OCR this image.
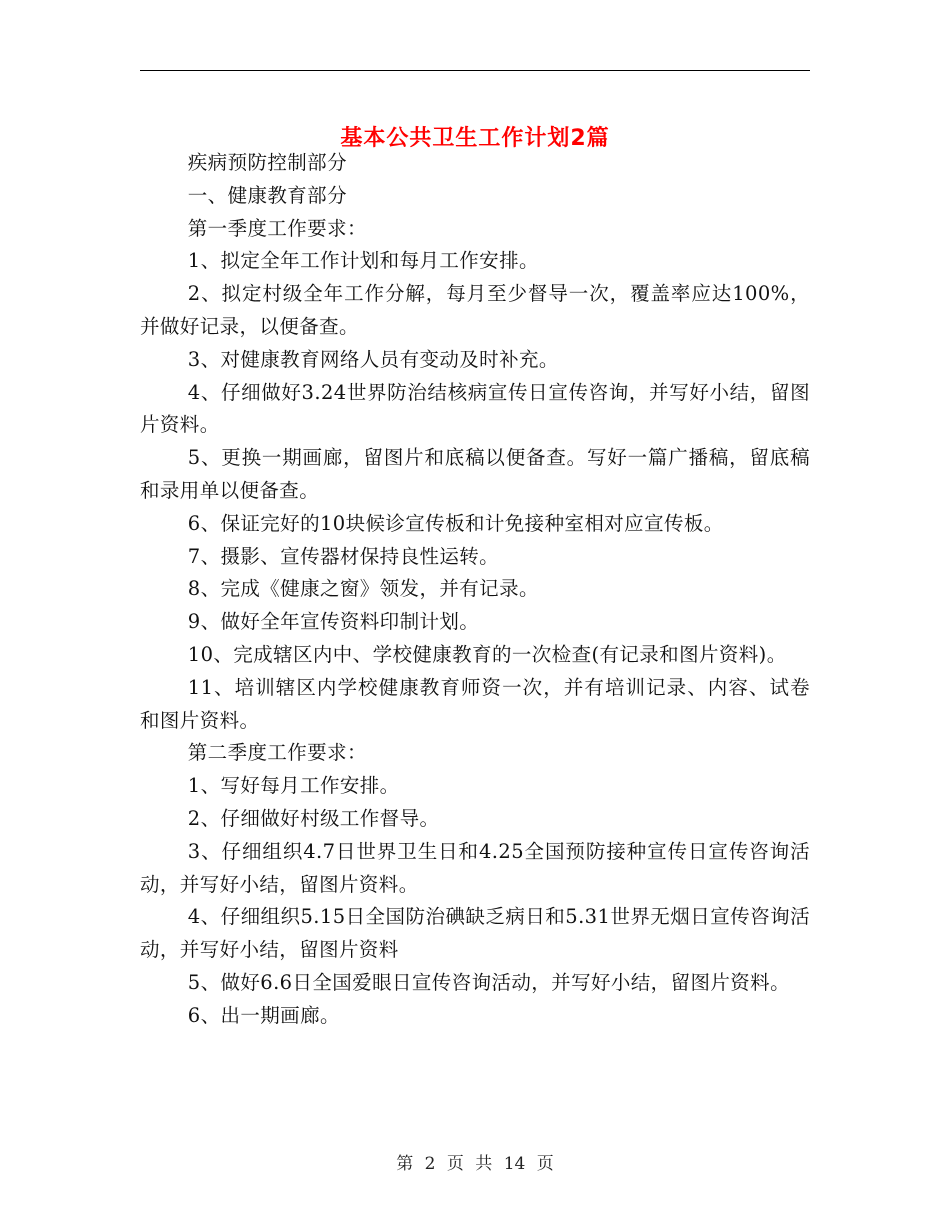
基本公共卫生工作计划2篇

疾病预防控制部分

一、健康教育部分

第一季度工作要求：

1、拟定全年工作计划和每月工作安排。

2、拟定村级全年工作分解，每月至少督导一次，覆盖率应达100%，并做好记录，以便备查。

3、对健康教育网络人员有变动及时补充。

4、仔细做好3.24世界防治结核病宣传日宣传咨询，并写好小结，留图片资料。

5、更换一期画廊，留图片和底稿以便备查。写好一篇广播稿，留底稿和录用单以便备查。

6、保证完好的10块候诊宣传板和计免接种室相对应宣传板。

7、摄影、宣传器材保持良性运转。

8、完成《健康之窗》领发，并有记录。

9、做好全年宣传资料印制计划。

10、完成辖区内中、学校健康教育的一次检查(有记录和图片资料)。

11、培训辖区内学校健康教育师资一次，并有培训记录、内容、试卷和图片资料。

第二季度工作要求：

1、写好每月工作安排。

2、仔细做好村级工作督导。

3、仔细组织4.7日世界卫生日和4.25全国预防接种宣传日宣传咨询活动，并写好小结，留图片资料。

4、仔细组织5.15日全国防治碘缺乏病日和5.31世界无烟日宣传咨询活动，并写好小结，留图片资料

5、做好6.6日全国爱眼日宣传咨询活动，并写好小结，留图片资料。

6、出一期画廊。

第 2 页 共 14 页
